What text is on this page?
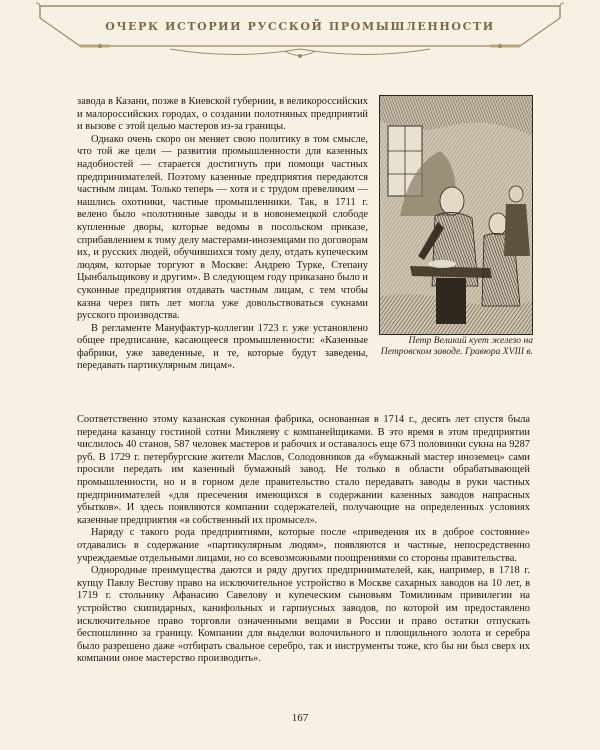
ОЧЕРК ИСТОРИИ РУССКОЙ ПРОМЫШЛЕННОСТИ

завода в Казани, позже в Киевской губернии, в великороссийских и малороссийских городах, о создании полотняных предприятий и вызове с этой целью мастеров из-за границы.

Однако очень скоро он меняет свою политику в том смысле, что той же цели — развития промышленности для казенных надобностей — старается достигнуть при помощи частных предпринимателей. Поэтому казенные предприятия передаются частным лицам. Только теперь — хотя и с трудом превеликим — нашлись охотники, частные промышленники. Так, в 1711 г. велено было «полотняные заводы и в новонемецкой слободе купленные дворы, которые ведомы в посольском приказе, сприбавлением к тому делу мастерами-иноземцами по договорам их, и русских людей, обучившихся тому делу, отдать купеческим людям, которые торгуют в Москве: Андрею Турке, Степану Цынбальщикову и другим». В следующем году приказано было и суконные предприятия отдавать частным лицам, с тем чтобы казна через пять лет могла уже довольствоваться сукнами русского производства.

В регламенте Мануфактур-коллегии 1723 г. уже установлено общее предписание, касающееся промышленности: «Казенные фабрики, уже заведенные, и те, которые будут заведены, передавать партикулярным лицам».

Петр Великий кует железо на Петровском заводе. Гравюра XVIII в.

Соответственно этому казанская суконная фабрика, основанная в 1714 г., десять лет спустя была передана казанцу гостиной сотни Микляеву с компанейщиками. В это время в этом предприятии числилось 40 станов, 587 человек мастеров и рабочих и оставалось еще 673 половинки сукна на 9287 руб. В 1729 г. петербургские жители Маслов, Солодовников да «бумажный мастер иноземец» сами просили передать им казенный бумажный завод. Не только в области обрабатывающей промышленности, но и в горном деле правительство стало передавать заводы в руки частных предпринимателей «для пресечения имеющихся в содержании казенных заводов напрасных убытков». И здесь появляются компании содержателей, получающие на определенных условиях казенные предприятия «в собственный их промысел».

Наряду с такого рода предприятиями, которые после «приведения их в доброе состояние» отдавались в содержание «партикулярным людям», появляются и частные, непосредственно учреждаемые отдельными лицами, но со всевозможными поощрениями со стороны правительства.

Однородные преимущества даются и ряду других предпринимателей, как, например, в 1718 г. купцу Павлу Вестову право на исключительное устройство в Москве сахарных заводов на 10 лет, в 1719 г. стольнику Афанасию Савелову и купеческим сыновьям Томилиным привилегии на устройство скипидарных, канифольных и гарпиусных заводов, по которой им предоставлено исключительное право торговли означенными вещами в России и право остатки отпускать беспошлинно за границу. Компании для выделки волочильного и плющильного золота и серебра было разрешено даже «отбирать свальное серебро, так и инструменты тоже, кто бы ни был сверх их компании оное мастерство производить».

167
